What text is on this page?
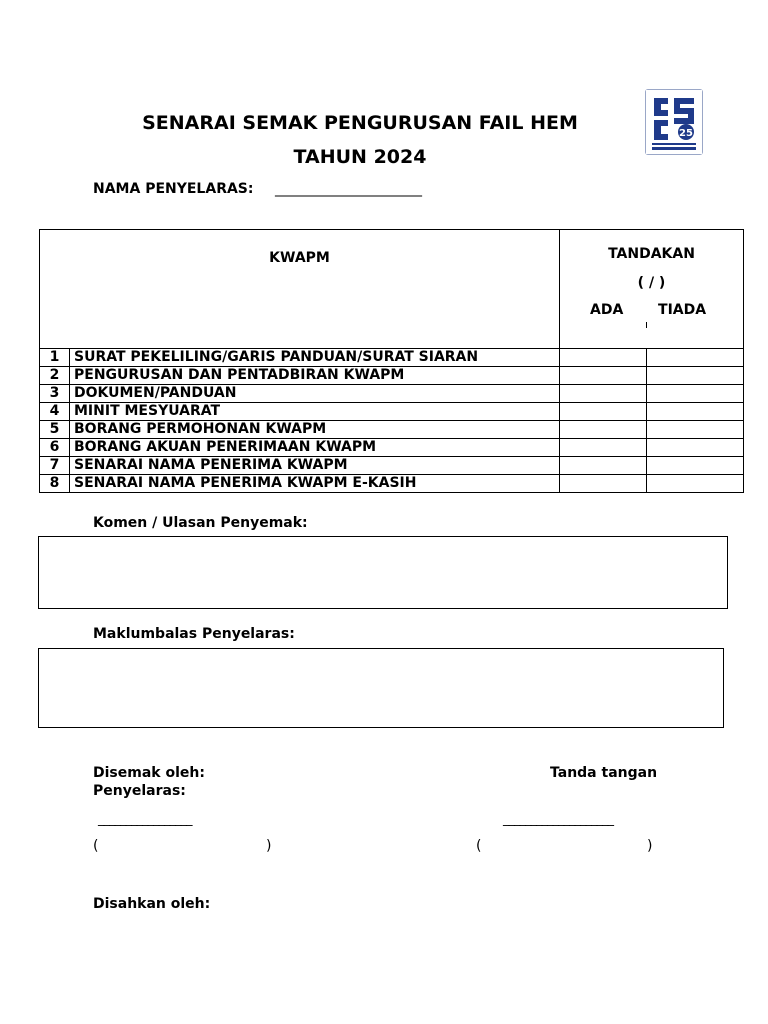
SENARAI SEMAK PENGURUSAN FAIL HEM
TAHUN 2024
25
NAMA PENYELARAS: _____________________
KWAPM		TANDAKAN
( / )
ADA TIADA	

1	SURAT PEKELILING/GARIS PANDUAN/SURAT SIARAN		
2	PENGURUSAN DAN PENTADBIRAN KWAPM		
3	DOKUMEN/PANDUAN		
4	MINIT MESYUARAT		
5	BORANG PERMOHONAN KWAPM		
6	BORANG AKUAN PENERIMAAN KWAPM		
7	SENARAI NAMA PENERIMA KWAPM		
8	SENARAI NAMA PENERIMA KWAPM E-KASIH		
Komen / Ulasan Penyemak:
Maklumbalas Penyelaras:
Disemak oleh:	Tanda tangan
Penyelaras:
_________________	____________________
(	)	(	)
Disahkan oleh:
